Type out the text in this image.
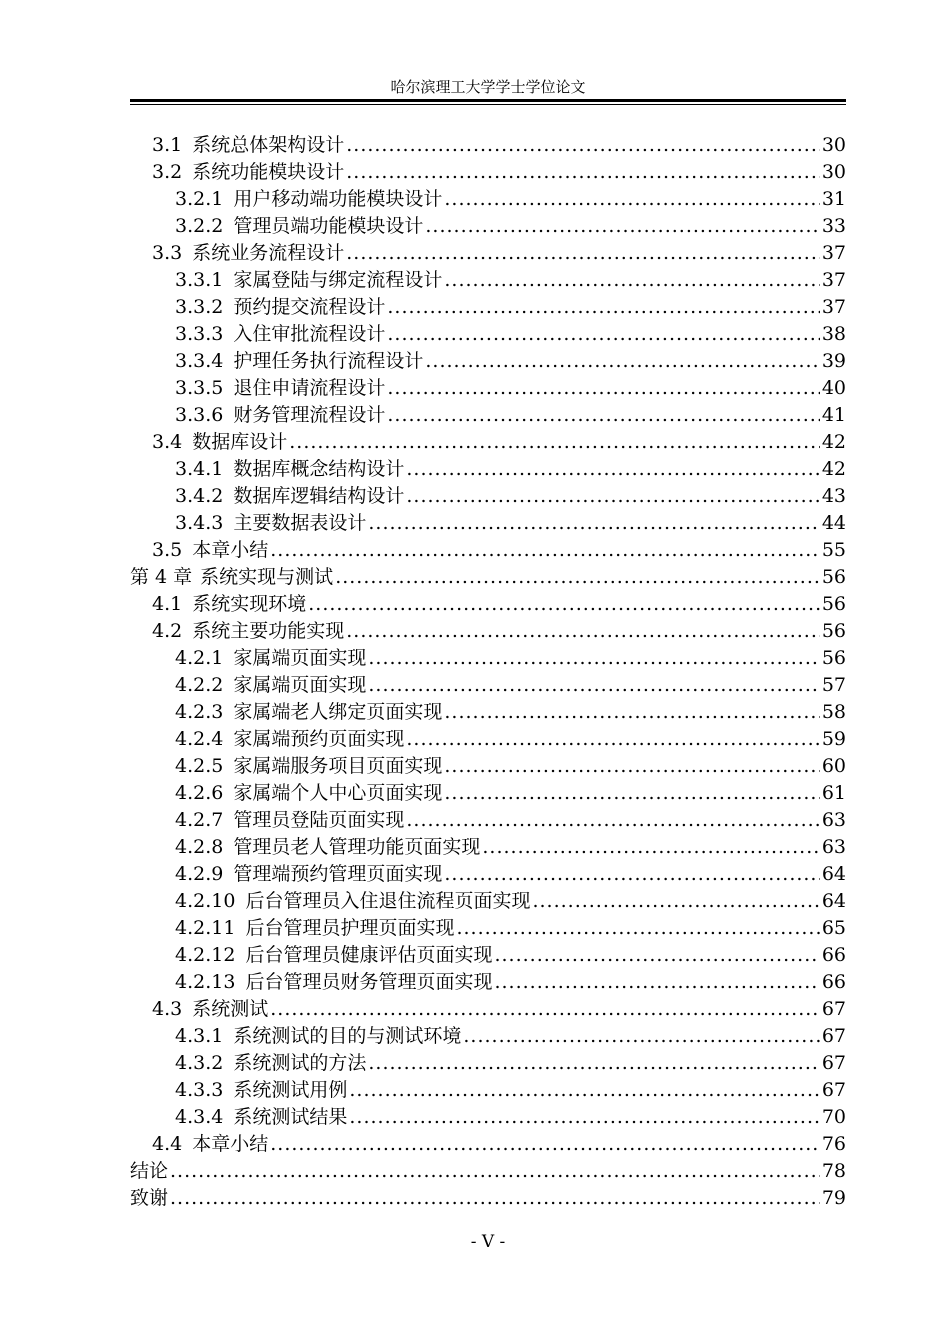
哈尔滨理工大学学士学位论文
3.1 系统总体架构设计 .....	30
3.2 系统功能模块设计 .....	30
3.2.1 用户移动端功能模块设计 .....	31
3.2.2 管理员端功能模块设计 .....	33
3.3 系统业务流程设计 .....	37
3.3.1 家属登陆与绑定流程设计 .....	37
3.3.2 预约提交流程设计 .....	37
3.3.3 入住审批流程设计 .....	38
3.3.4 护理任务执行流程设计 .....	39
3.3.5 退住申请流程设计 .....	40
3.3.6 财务管理流程设计 .....	41
3.4 数据库设计 .....	42
3.4.1 数据库概念结构设计 .....	42
3.4.2 数据库逻辑结构设计 .....	43
3.4.3 主要数据表设计 .....	44
3.5 本章小结 .....	55
第 4 章 系统实现与测试 .....	56
4.1 系统实现环境 .....	56
4.2 系统主要功能实现 .....	56
4.2.1 家属端页面实现 .....	56
4.2.2 家属端页面实现 .....	57
4.2.3 家属端老人绑定页面实现 .....	58
4.2.4 家属端预约页面实现 .....	59
4.2.5 家属端服务项目页面实现 .....	60
4.2.6 家属端个人中心页面实现 .....	61
4.2.7 管理员登陆页面实现 .....	63
4.2.8 管理员老人管理功能页面实现 .....	63
4.2.9 管理端预约管理页面实现 .....	64
4.2.10 后台管理员入住退住流程页面实现 .....	64
4.2.11 后台管理员护理页面实现 .....	65
4.2.12 后台管理员健康评估页面实现 .....	66
4.2.13 后台管理员财务管理页面实现 .....	66
4.3 系统测试 .....	67
4.3.1 系统测试的目的与测试环境 .....	67
4.3.2 系统测试的方法 .....	67
4.3.3 系统测试用例 .....	67
4.3.4 系统测试结果 .....	70
4.4 本章小结 .....	76
结论 .....	78
致谢 .....	79
- V -
